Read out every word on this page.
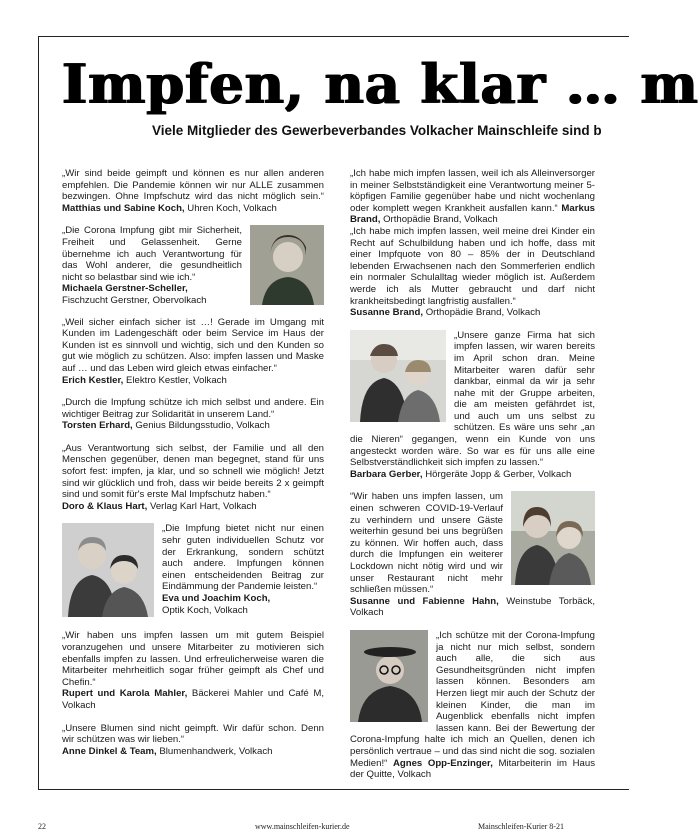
Impfen, na klar … m
Viele Mitglieder des Gewerbeverbandes Volkacher Mainschleife sind b

„Wir sind beide geimpft und können es nur allen anderen empfehlen. Die Pandemie können wir nur ALLE zusammen bezwingen. Ohne Impfschutz wird das nicht möglich sein.“ Matthias und Sabine Koch, Uhren Koch, Volkach

„Die Corona Impfung gibt mir Sicherheit, Freiheit und Gelassenheit. Gerne übernehme ich auch Verantwortung für das Wohl anderer, die gesundheitlich nicht so belastbar sind wie ich.“
Michaela Gerstner-Scheller,
Fischzucht Gerstner, Obervolkach

„Weil sicher einfach sicher ist …! Gerade im Umgang mit Kunden im Ladengeschäft oder beim Service im Haus der Kunden ist es sinnvoll und wichtig, sich und den Kunden so gut wie möglich zu schützen. Also: impfen lassen und Maske auf … und das Leben wird gleich etwas einfacher.“
Erich Kestler, Elektro Kestler, Volkach

„Durch die Impfung schütze ich mich selbst und andere. Ein wichtiger Beitrag zur Solidarität in unserem Land.“
Torsten Erhard, Genius Bildungsstudio, Volkach

„Aus Verantwortung sich selbst, der Familie und all den Menschen gegenüber, denen man begegnet, stand für uns sofort fest: impfen, ja klar, und so schnell wie möglich! Jetzt sind wir glücklich und froh, dass wir beide bereits 2 x geimpft sind und somit für's erste Mal Impfschutz haben.“
Doro & Klaus Hart, Verlag Karl Hart, Volkach

„Die Impfung bietet nicht nur einen sehr guten individuellen Schutz vor der Erkrankung, sondern schützt auch andere. Impfungen können einen entscheidenden Beitrag zur Eindämmung der Pandemie leisten.“
Eva und Joachim Koch,
Optik Koch, Volkach

„Wir haben uns impfen lassen um mit gutem Beispiel voranzugehen und unsere Mitarbeiter zu motivieren sich ebenfalls impfen zu lassen. Und erfreulicherweise waren die Mitarbeiter mehrheitlich sogar früher geimpft als Chef und Chefin.“
Rupert und Karola Mahler, Bäckerei Mahler und Café M, Volkach

„Unsere Blumen sind nicht geimpft. Wir dafür schon. Denn wir schützen was wir lieben.“
Anne Dinkel & Team, Blumenhandwerk, Volkach

„Ich habe mich impfen lassen, weil ich als Alleinversorger in meiner Selbstständigkeit eine Verantwortung meiner 5-köpfigen Familie gegenüber habe und nicht wochenlang oder komplett wegen Krankheit ausfallen kann.“ Markus Brand, Orthopädie Brand, Volkach

„Ich habe mich impfen lassen, weil meine drei Kinder ein Recht auf Schulbildung haben und ich hoffe, dass mit einer Impfquote von 80 – 85% der in Deutschland lebenden Erwachsenen nach den Sommerferien endlich ein normaler Schulalltag wieder möglich ist. Außerdem werde ich als Mutter gebraucht und darf nicht krankheitsbedingt langfristig ausfallen.“
Susanne Brand, Orthopädie Brand, Volkach

„Unsere ganze Firma hat sich impfen lassen, wir waren bereits im April schon dran. Meine Mitarbeiter waren dafür sehr dankbar, einmal da wir ja sehr nahe mit der Gruppe arbeiten, die am meisten gefährdet ist, und auch um uns selbst zu schützen. Es wäre uns sehr „an die Nieren“ gegangen, wenn ein Kunde von uns angesteckt worden wäre. So war es für uns alle eine Selbstverständlichkeit sich impfen zu lassen.“
Barbara Gerber, Hörgeräte Jopp & Gerber, Volkach

“Wir haben uns impfen lassen, um einen schweren COVID-19-Verlauf zu verhindern und unsere Gäste weiterhin gesund bei uns begrüßen zu können. Wir hoffen auch, dass durch die Impfungen ein weiterer Lockdown nicht nötig wird und wir unser Restaurant nicht mehr schließen müssen.“
Susanne und Fabienne Hahn, Weinstube Torbäck, Volkach

„Ich schütze mit der Corona-Impfung ja nicht nur mich selbst, sondern auch alle, die sich aus Gesundheitsgründen nicht impfen lassen können. Besonders am Herzen liegt mir auch der Schutz der kleinen Kinder, die man im Augenblick ebenfalls nicht impfen lassen kann. Bei der Bewertung der Corona-Impfung halte ich mich an Quellen, denen ich persönlich vertraue – und das sind nicht die sog. sozialen Medien!“ Agnes Opp-Enzinger, Mitarbeiterin im Haus der Quitte, Volkach

22	www.mainschleifen-kurier.de	Mainschleifen-Kurier 8-21
